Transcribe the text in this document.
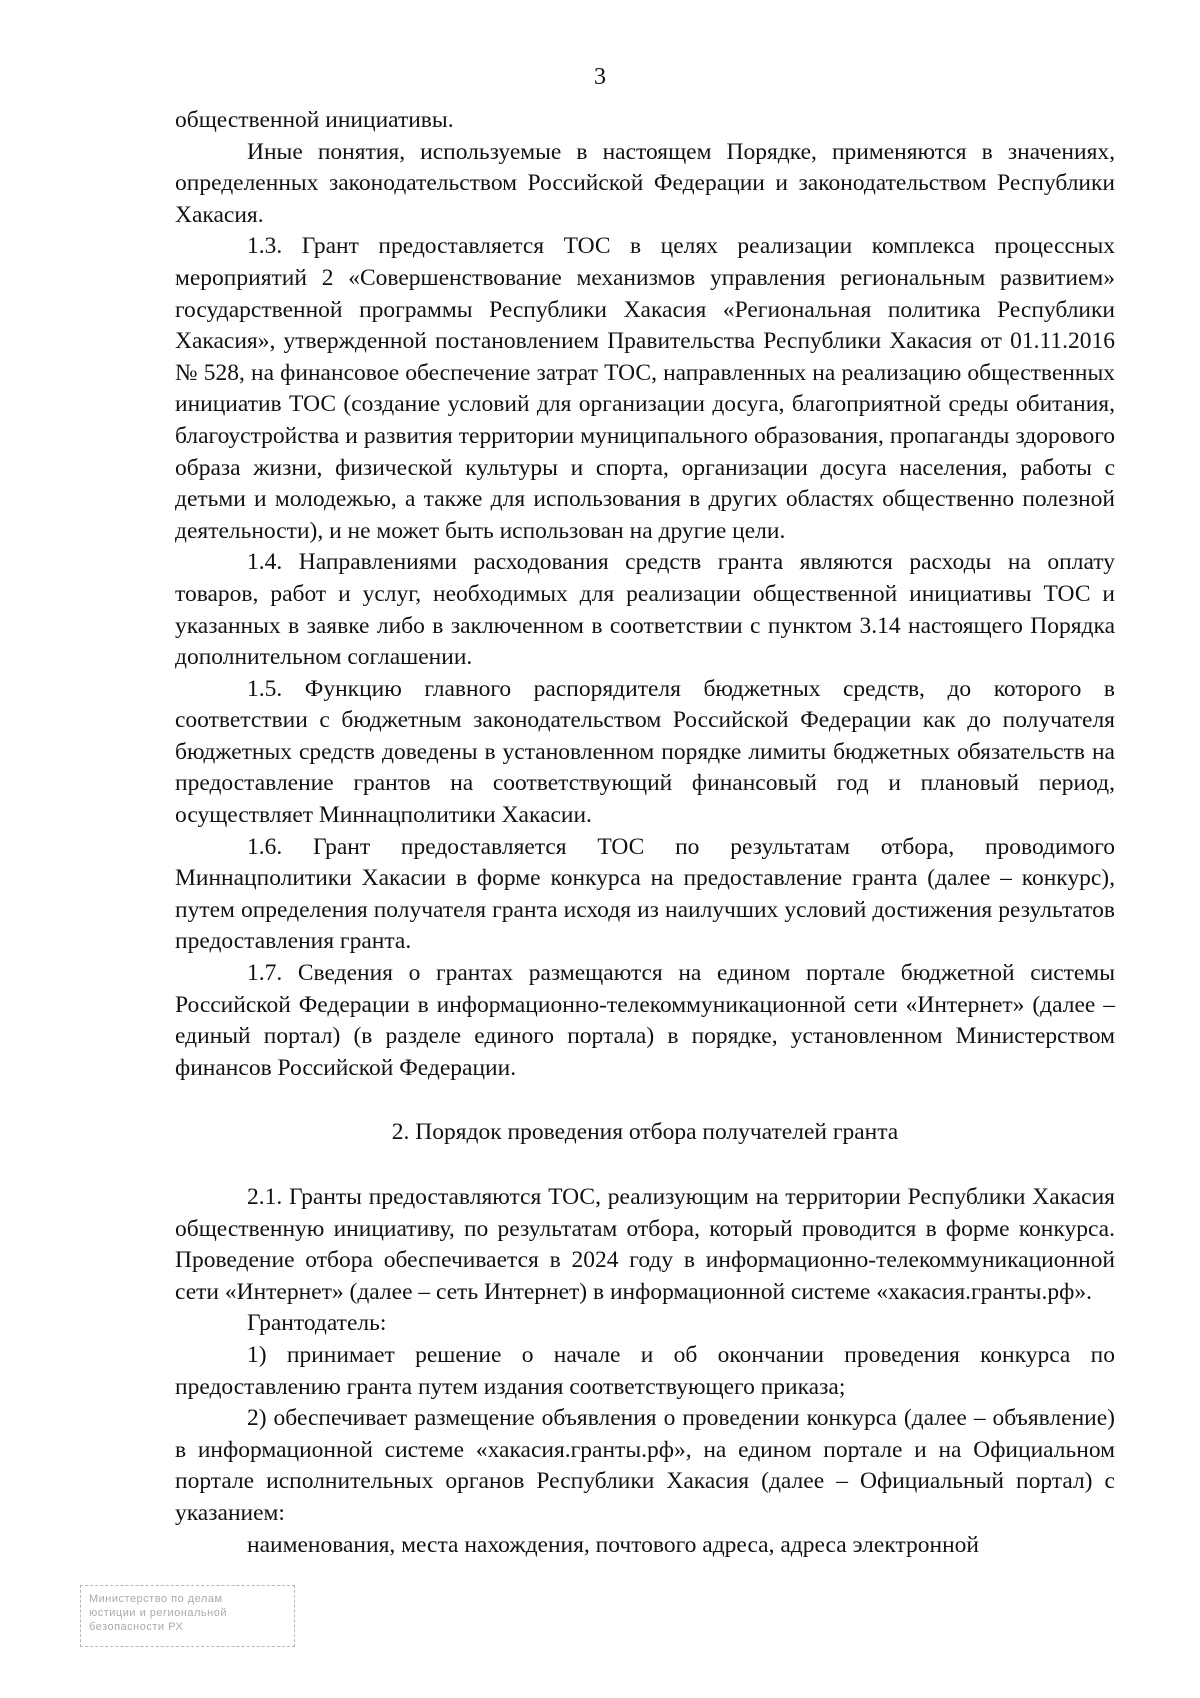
3

общественной инициативы.

Иные понятия, используемые в настоящем Порядке, применяются в значениях, определенных законодательством Российской Федерации и законодательством Республики Хакасия.

1.3. Грант предоставляется ТОС в целях реализации комплекса процессных мероприятий 2 «Совершенствование механизмов управления региональным развитием» государственной программы Республики Хакасия «Региональная политика Республики Хакасия», утвержденной постановлением Правительства Республики Хакасия от 01.11.2016 № 528, на финансовое обеспечение затрат ТОС, направленных на реализацию общественных инициатив ТОС (создание условий для организации досуга, благоприятной среды обитания, благоустройства и развития территории муниципального образования, пропаганды здорового образа жизни, физической культуры и спорта, организации досуга населения, работы с детьми и молодежью, а также для использования в других областях общественно полезной деятельности), и не может быть использован на другие цели.

1.4. Направлениями расходования средств гранта являются расходы на оплату товаров, работ и услуг, необходимых для реализации общественной инициативы ТОС и указанных в заявке либо в заключенном в соответствии с пунктом 3.14 настоящего Порядка дополнительном соглашении.

1.5. Функцию главного распорядителя бюджетных средств, до которого в соответствии с бюджетным законодательством Российской Федерации как до получателя бюджетных средств доведены в установленном порядке лимиты бюджетных обязательств на предоставление грантов на соответствующий финансовый год и плановый период, осуществляет Миннацполитики Хакасии.

1.6. Грант предоставляется ТОС по результатам отбора, проводимого Миннацполитики Хакасии в форме конкурса на предоставление гранта (далее – конкурс), путем определения получателя гранта исходя из наилучших условий достижения результатов предоставления гранта.

1.7. Сведения о грантах размещаются на едином портале бюджетной системы Российской Федерации в информационно-телекоммуникационной сети «Интернет» (далее – единый портал) (в разделе единого портала) в порядке, установленном Министерством финансов Российской Федерации.

2. Порядок проведения отбора получателей гранта

2.1. Гранты предоставляются ТОС, реализующим на территории Республики Хакасия общественную инициативу, по результатам отбора, который проводится в форме конкурса. Проведение отбора обеспечивается в 2024 году в информационно-телекоммуникационной сети «Интернет» (далее – сеть Интернет) в информационной системе «хакасия.гранты.рф».

Грантодатель:

1) принимает решение о начале и об окончании проведения конкурса по предоставлению гранта путем издания соответствующего приказа;

2) обеспечивает размещение объявления о проведении конкурса (далее – объявление) в информационной системе «хакасия.гранты.рф», на едином портале и на Официальном портале исполнительных органов Республики Хакасия (далее – Официальный портал) с указанием:

наименования, места нахождения, почтового адреса, адреса электронной

Министерство по делам
юстиции и региональной
безопасности РХ
